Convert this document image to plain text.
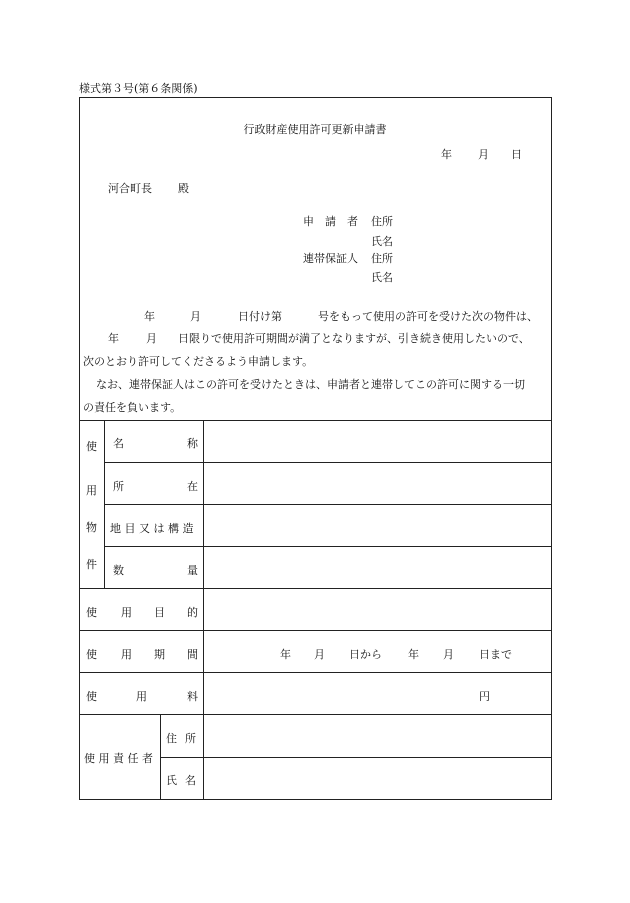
様式第３号(第６条関係)
行政財産使用許可更新申請書
年 月 日
河合町長 殿
申　請　者 住所
氏名
連帯保証人 住所
氏名
年	月	日付け第	号をもって使用の許可を受けた次の物件は、
年 月 日限りで使用許可期間が満了となりますが、引き続き使用したいので、
次のとおり許可してくださるよう申請します。
なお、連帯保証人はこの許可を受けたときは、申請者と連帯してこの許可に関する一切
の責任を負います。
使
用
物
件
名	称
所	在
地 目 又 は 構 造
数	量
使 用 目 的
使 用 期 間	年 月 日から 年 月 日まで
使	用	料	円
使 用 責 任 者
住 所
氏 名
